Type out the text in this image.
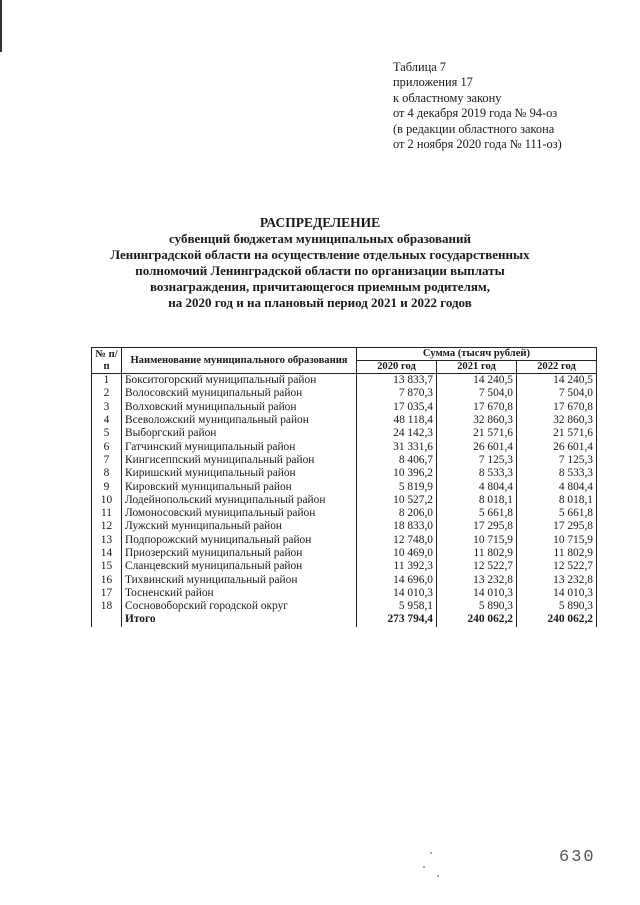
Таблица 7
приложения 17
к областному закону
от 4 декабря 2019 года № 94-оз
(в редакции областного закона
от 2 ноября 2020 года № 111-оз)
РАСПРЕДЕЛЕНИЕ
субвенций бюджетам муниципальных образований
Ленинградской области на осуществление отдельных государственных
полномочий Ленинградской области по организации выплаты
вознаграждения, причитающегося приемным родителям,
на 2020 год и на плановый период 2021 и 2022 годов
№ п/п	Наименование муниципального образования	Сумма (тысяч рублей)		
		2020 год	2021 год	2022 год
1	Бокситогорский муниципальный район	13 833,7	14 240,5	14 240,5
2	Волосовский муниципальный район	7 870,3	7 504,0	7 504,0
3	Волховский муниципальный район	17 035,4	17 670,8	17 670,8
4	Всеволожский муниципальный район	48 118,4	32 860,3	32 860,3
5	Выборгский район	24 142,3	21 571,6	21 571,6
6	Гатчинский муниципальный район	31 331,6	26 601,4	26 601,4
7	Кингисеппский муниципальный район	8 406,7	7 125,3	7 125,3
8	Киришский муниципальный район	10 396,2	8 533,3	8 533,3
9	Кировский муниципальный район	5 819,9	4 804,4	4 804,4
10	Лодейнопольский муниципальный район	10 527,2	8 018,1	8 018,1
11	Ломоносовский муниципальный район	8 206,0	5 661,8	5 661,8
12	Лужский муниципальный район	18 833,0	17 295,8	17 295,8
13	Подпорожский муниципальный район	12 748,0	10 715,9	10 715,9
14	Приозерский муниципальный район	10 469,0	11 802,9	11 802,9
15	Сланцевский муниципальный район	11 392,3	12 522,7	12 522,7
16	Тихвинский муниципальный район	14 696,0	13 232,8	13 232,8
17	Тосненский район	14 010,3	14 010,3	14 010,3
18	Сосновоборский городской округ	5 958,1	5 890,3	5 890,3
	Итого	273 794,4	240 062,2	240 062,2
630
